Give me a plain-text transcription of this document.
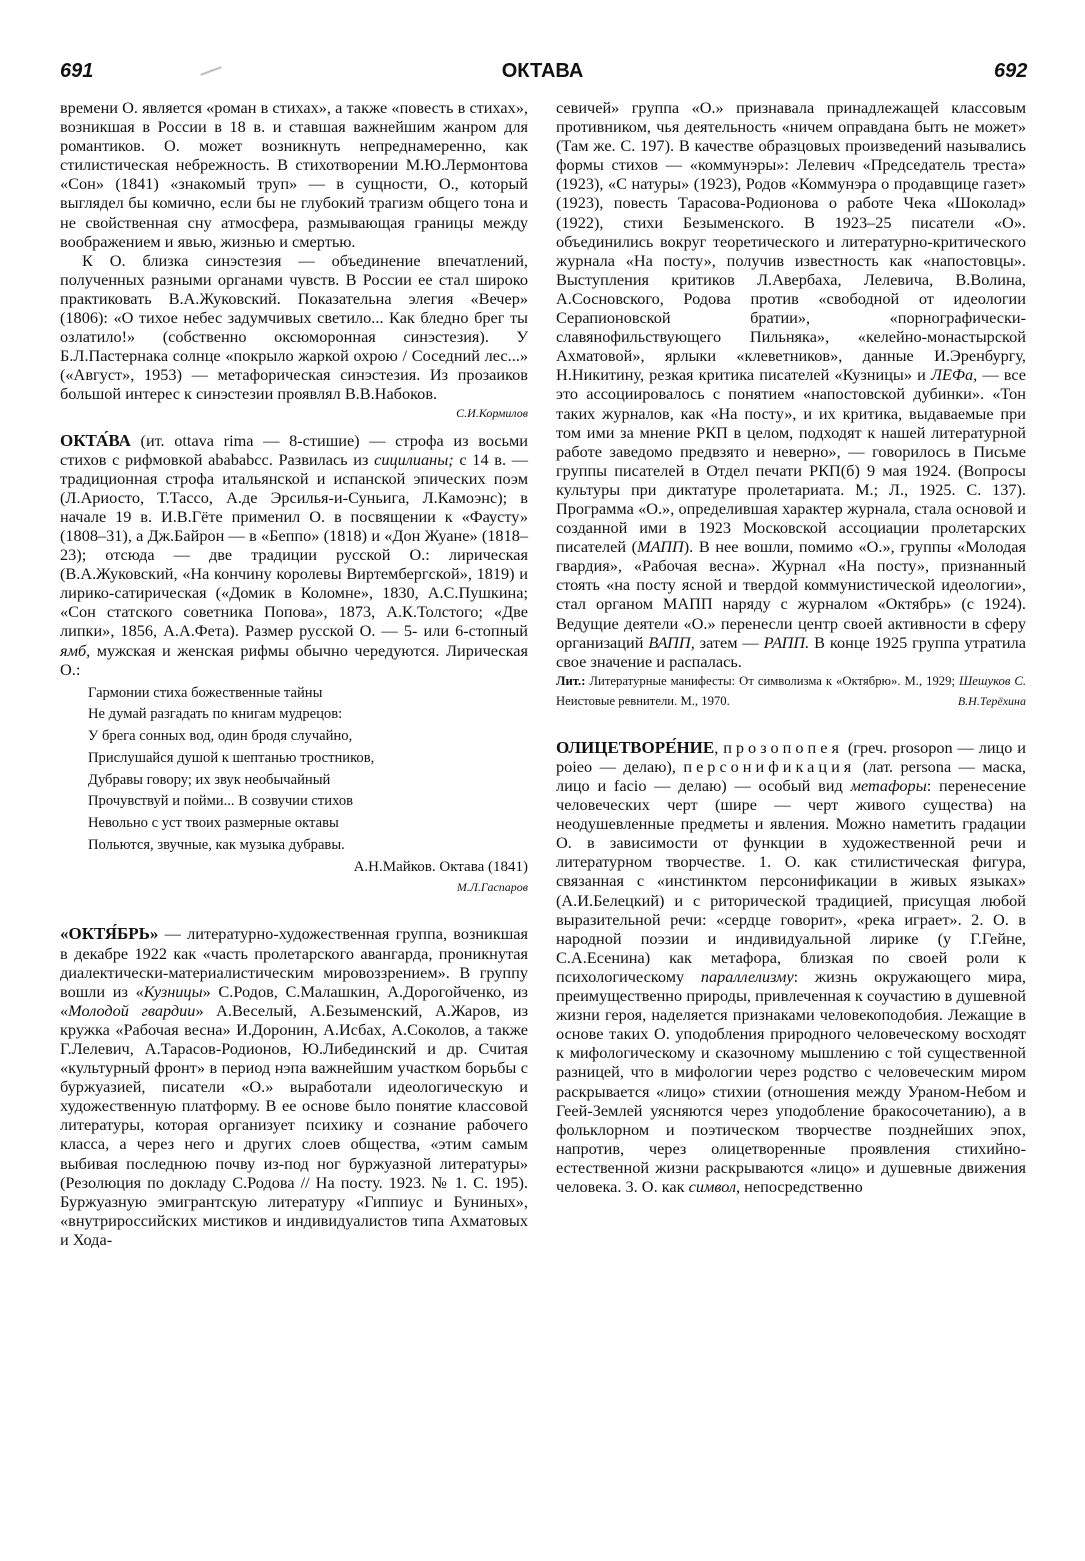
691	ОКТАВА	692

времени О. является «роман в стихах», а также «повесть в стихах», возникшая в России в 18 в. и ставшая важнейшим жанром для романтиков. О. может возникнуть непреднамеренно, как стилистическая небрежность. В стихотворении М.Ю.Лермонтова «Сон» (1841) «знакомый труп» — в сущности, О., который выглядел бы комично, если бы не глубокий трагизм общего тона и не свойственная сну атмосфера, размывающая границы между воображением и явью, жизнью и смертью.

К О. близка синэстезия — объединение впечатлений, полученных разными органами чувств. В России ее стал широко практиковать В.А.Жуковский. Показательна элегия «Вечер» (1806): «О тихое небес задумчивых светило... Как бледно брег ты озлатило!» (собственно оксюморонная синэстезия). У Б.Л.Пастернака солнце «покрыло жаркой охрою / Соседний лес...» («Август», 1953) — метафорическая синэстезия. Из прозаиков большой интерес к синэстезии проявлял В.В.Набоков.
С.И.Кормилов

ОКТА́ВА (ит. ottava rima — 8-стишие) — строфа из восьми стихов с рифмовкой abababcc. Развилась из сицилианы; с 14 в. — традиционная строфа итальянской и испанской эпических поэм (Л.Ариосто, Т.Тассо, А.де Эрсилья-и-Суньига, Л.Камоэнс); в начале 19 в. И.В.Гёте применил О. в посвящении к «Фаусту» (1808–31), а Дж.Байрон — в «Беппо» (1818) и «Дон Жуане» (1818–23); отсюда — две традиции русской О.: лирическая (В.А.Жуковский, «На кончину королевы Виртембергской», 1819) и лирико-сатирическая («Домик в Коломне», 1830, А.С.Пушкина; «Сон статского советника Попова», 1873, А.К.Толстого; «Две липки», 1856, А.А.Фета). Размер русской О. — 5- или 6-стопный ямб, мужская и женская рифмы обычно чередуются. Лирическая О.:

Гармонии стиха божественные тайны
Не думай разгадать по книгам мудрецов:
У брега сонных вод, один бродя случайно,
Прислушайся душой к шептанью тростников,
Дубравы говору; их звук необычайный
Прочувствуй и пойми... В созвучии стихов
Невольно с уст твоих размерные октавы
Польются, звучные, как музыка дубравы.

А.Н.Майков. Октава (1841)

М.Л.Гаспаров

«ОКТЯ́БРЬ» — литературно-художественная группа, возникшая в декабре 1922 как «часть пролетарского авангарда, проникнутая диалектически-материалистическим мировоззрением». В группу вошли из «Кузницы» С.Родов, С.Малашкин, А.Дорогойченко, из «Молодой гвардии» А.Веселый, А.Безыменский, А.Жаров, из кружка «Рабочая весна» И.Доронин, А.Исбах, А.Соколов, а также Г.Лелевич, А.Тарасов-Родионов, Ю.Либединский и др. Считая «культурный фронт» в период нэпа важнейшим участком борьбы с буржуазией, писатели «О.» выработали идеологическую и художественную платформу. В ее основе было понятие классовой литературы, которая организует психику и сознание рабочего класса, а через него и других слоев общества, «этим самым выбивая последнюю почву из-под ног буржуазной литературы» (Резолюция по докладу С.Родова // На посту. 1923. № 1. С. 195). Буржуазную эмигрантскую литературу «Гиппиус и Буниных», «внутрироссийских мистиков и индивидуалистов типа Ахматовых и Хода-

севичей» группа «О.» признавала принадлежащей классовым противником, чья деятельность «ничем оправдана быть не может» (Там же. С. 197). В качестве образцовых произведений назывались формы стихов — «коммунэры»: Лелевич «Председатель треста» (1923), «С натуры» (1923), Родов «Коммунэра о продавщице газет» (1923), повесть Тарасова-Родионова о работе Чека «Шоколад» (1922), стихи Безыменского. В 1923–25 писатели «О». объединились вокруг теоретического и литературно-критического журнала «На посту», получив известность как «напостовцы». Выступления критиков Л.Авербаха, Лелевича, В.Волина, А.Сосновского, Родова против «свободной от идеологии Серапионовской братии», «порнографически-славянофильствующего Пильняка», «келейно-монастырской Ахматовой», ярлыки «клеветников», данные И.Эренбургу, Н.Никитину, резкая критика писателей «Кузницы» и ЛЕФа, — все это ассоциировалось с понятием «напостовской дубинки». «Тон таких журналов, как «На посту», и их критика, выдаваемые при том ими за мнение РКП в целом, подходят к нашей литературной работе заведомо предвзято и неверно», — говорилось в Письме группы писателей в Отдел печати РКП(б) 9 мая 1924. (Вопросы культуры при диктатуре пролетариата. М.; Л., 1925. С. 137). Программа «О.», определившая характер журнала, стала основой и созданной ими в 1923 Московской ассоциации пролетарских писателей (МАПП). В нее вошли, помимо «О.», группы «Молодая гвардия», «Рабочая весна». Журнал «На посту», признанный стоять «на посту ясной и твердой коммунистической идеологии», стал органом МАПП наряду с журналом «Октябрь» (с 1924). Ведущие деятели «О.» перенесли центр своей активности в сферу организаций ВАПП, затем — РАПП. В конце 1925 группа утратила свое значение и распалась.

Лит.: Литературные манифесты: От символизма к «Октябрю». М., 1929; Шешуков С. Неистовые ревнители. М., 1970.	В.Н.Терёхина

ОЛИЦЕТВОРЕ́НИЕ, прозопопея (греч. prosopon — лицо и poieo — делаю), персонификация (лат. persona — маска, лицо и facio — делаю) — особый вид метафоры: перенесение человеческих черт (шире — черт живого существа) на неодушевленные предметы и явления. Можно наметить градации О. в зависимости от функции в художественной речи и литературном творчестве. 1. О. как стилистическая фигура, связанная с «инстинктом персонификации в живых языках» (А.И.Белецкий) и с риторической традицией, присущая любой выразительной речи: «сердце говорит», «река играет». 2. О. в народной поэзии и индивидуальной лирике (у Г.Гейне, С.А.Есенина) как метафора, близкая по своей роли к психологическому параллелизму: жизнь окружающего мира, преимущественно природы, привлеченная к соучастию в душевной жизни героя, наделяется признаками человекоподобия. Лежащие в основе таких О. уподобления природного человеческому восходят к мифологическому и сказочному мышлению с той существенной разницей, что в мифологии через родство с человеческим миром раскрывается «лицо» стихии (отношения между Ураном-Небом и Геей-Землей уясняются через уподобление бракосочетанию), а в фольклорном и поэтическом творчестве позднейших эпох, напротив, через олицетворенные проявления стихийно-естественной жизни раскрываются «лицо» и душевные движения человека. 3. О. как символ, непосредственно
